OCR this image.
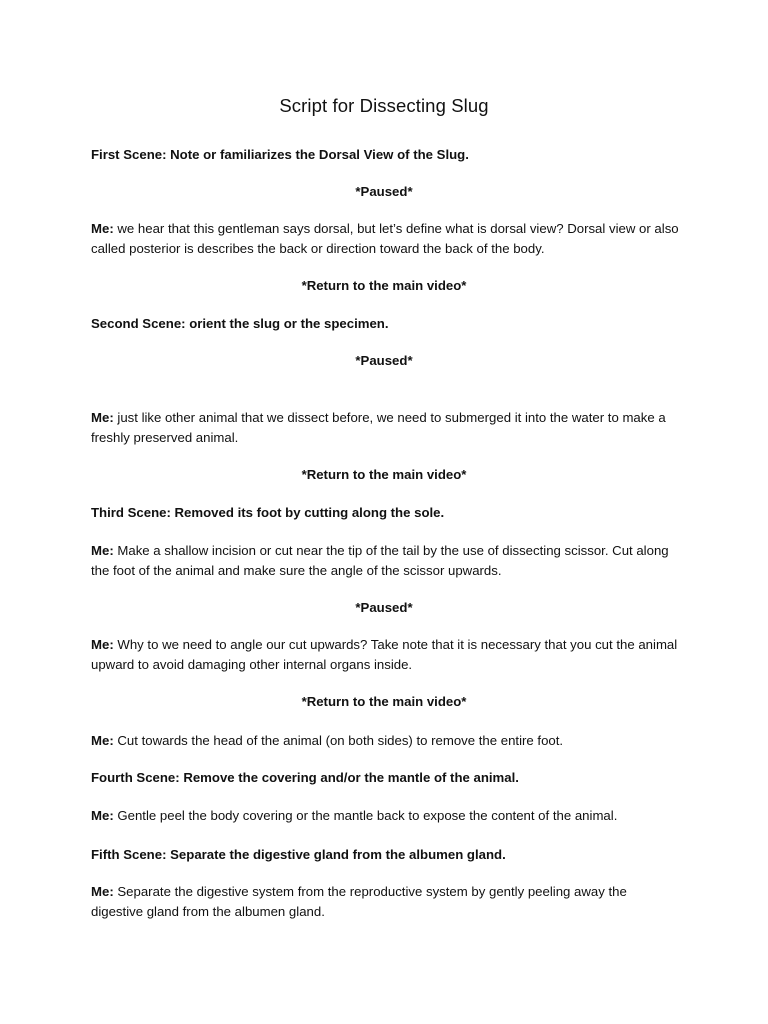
Script for Dissecting Slug

First Scene: Note or familiarizes the Dorsal View of the Slug.

*Paused*

Me: we hear that this gentleman says dorsal, but let’s define what is dorsal view? Dorsal view or also called posterior is describes the back or direction toward the back of the body.

*Return to the main video*

Second Scene: orient the slug or the specimen.

*Paused*

Me: just like other animal that we dissect before, we need to submerged it into the water to make a freshly preserved animal.

*Return to the main video*

Third Scene: Removed its foot by cutting along the sole.

Me: Make a shallow incision or cut near the tip of the tail by the use of dissecting scissor. Cut along the foot of the animal and make sure the angle of the scissor upwards.

*Paused*

Me: Why to we need to angle our cut upwards? Take note that it is necessary that you cut the animal upward to avoid damaging other internal organs inside.

*Return to the main video*

Me: Cut towards the head of the animal (on both sides) to remove the entire foot.

Fourth Scene: Remove the covering and/or the mantle of the animal.

Me: Gentle peel the body covering or the mantle back to expose the content of the animal.

Fifth Scene: Separate the digestive gland from the albumen gland.

Me: Separate the digestive system from the reproductive system by gently peeling away the digestive gland from the albumen gland.
